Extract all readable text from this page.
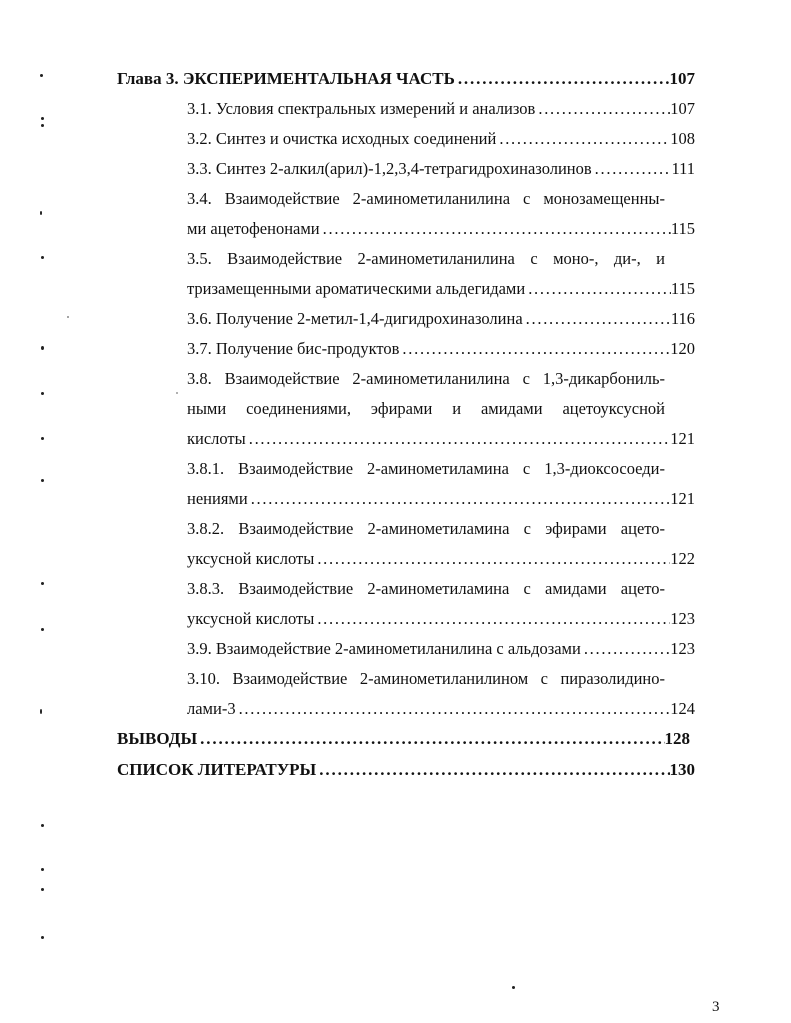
Глава 3. ЭКСПЕРИМЕНТАЛЬНАЯ ЧАСТЬ . . .	107
3.1. Условия спектральных измерений и анализов . . .	107
3.2. Синтез и очистка исходных соединений . . .	108
3.3. Синтез 2-алкил(арил)-1,2,3,4-тетрагидрохиназолинов . . .	111
3.4. Взаимодействие 2-аминометиланилина с монозамещенны-
ми ацетофенонами . . .	115
3.5. Взаимодействие 2-аминометиланилина с моно-, ди-, и
тризамещенными ароматическими альдегидами . . .	115
3.6. Получение 2-метил-1,4-дигидрохиназолина . . .	116
3.7. Получение бис-продуктов . . .	120
3.8. Взаимодействие 2-аминометиланилина с 1,3-дикарбониль-
ными соединениями, эфирами и амидами ацетоуксусной
кислоты . . .	121
3.8.1. Взаимодействие 2-аминометиламина с 1,3-диоксосоеди-
нениями . . .	121
3.8.2. Взаимодействие 2-аминометиламина с эфирами ацето-
уксусной кислоты . . .	122
3.8.3. Взаимодействие 2-аминометиламина с амидами ацето-
уксусной кислоты . . .	123
3.9. Взаимодействие 2-аминометиланилина с альдозами . . .	123
3.10. Взаимодействие 2-аминометиланилином с пиразолидино-
лами-3 . . .	124
ВЫВОДЫ . . .	128
СПИСОК ЛИТЕРАТУРЫ . . .	130
3
